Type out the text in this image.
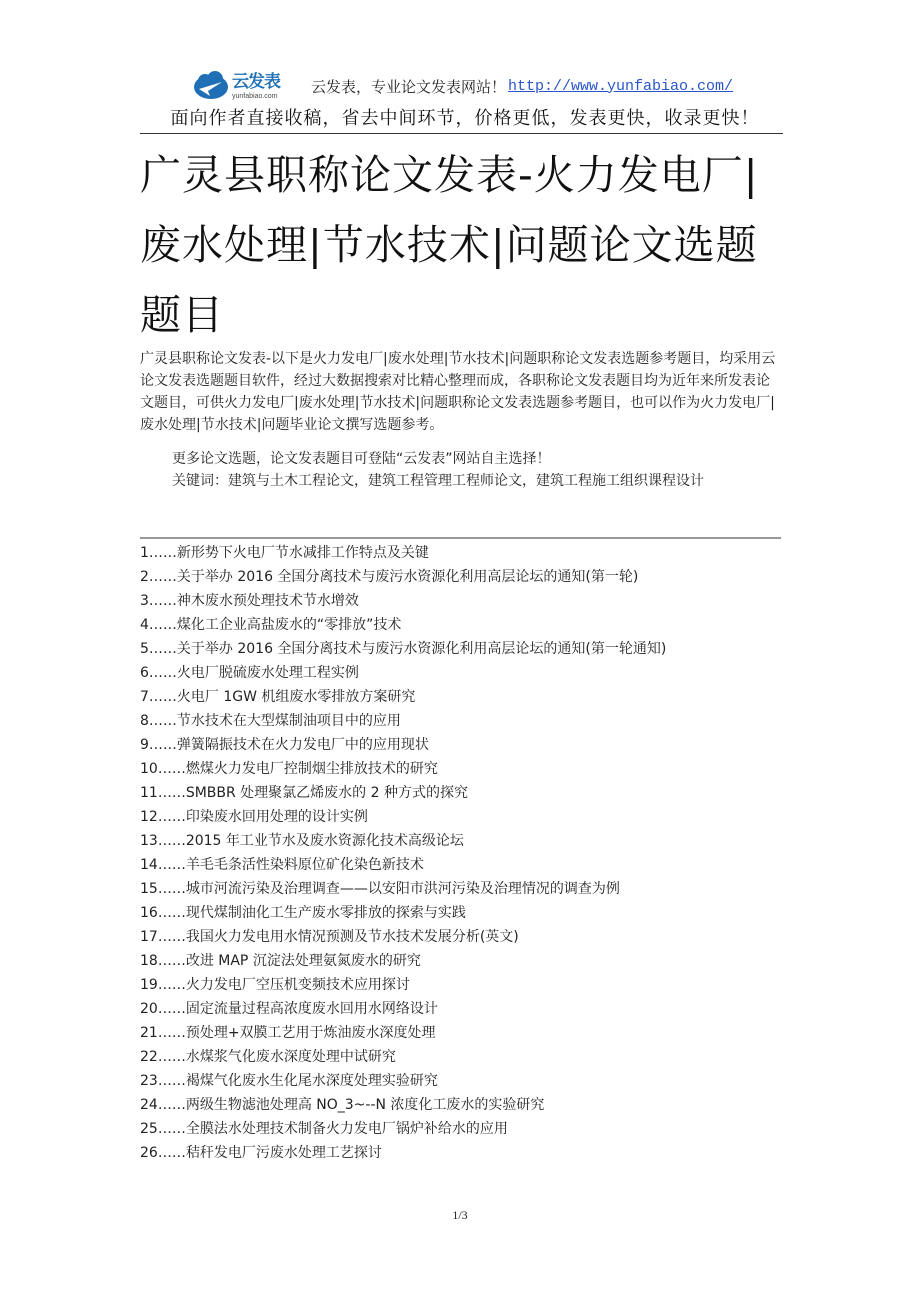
云发表
yunfabiao.com
云发表，专业论文发表网站！ http://www.yunfabiao.com/
面向作者直接收稿，省去中间环节，价格更低，发表更快，收录更快！
广灵县职称论文发表-火力发电厂|废水处理|节水技术|问题论文选题题目

广灵县职称论文发表-以下是火力发电厂|废水处理|节水技术|问题职称论文发表选题参考题目，均采用云论文发表选题题目软件，经过大数据搜索对比精心整理而成，各职称论文发表题目均为近年来所发表论文题目，可供火力发电厂|废水处理|节水技术|问题职称论文发表选题参考题目，也可以作为火力发电厂|废水处理|节水技术|问题毕业论文撰写选题参考。

更多论文选题，论文发表题目可登陆“云发表”网站自主选择！
关键词：建筑与土木工程论文，建筑工程管理工程师论文，建筑工程施工组织课程设计
1……新形势下火电厂节水减排工作特点及关键
2……关于举办 2016 全国分离技术与废污水资源化利用高层论坛的通知(第一轮)
3……神木废水预处理技术节水增效
4……煤化工企业高盐废水的“零排放”技术
5……关于举办 2016 全国分离技术与废污水资源化利用高层论坛的通知(第一轮通知)
6……火电厂脱硫废水处理工程实例
7……火电厂 1GW 机组废水零排放方案研究
8……节水技术在大型煤制油项目中的应用
9……弹簧隔振技术在火力发电厂中的应用现状
10……燃煤火力发电厂控制烟尘排放技术的研究
11……SMBBR 处理聚氯乙烯废水的 2 种方式的探究
12……印染废水回用处理的设计实例
13……2015 年工业节水及废水资源化技术高级论坛
14……羊毛毛条活性染料原位矿化染色新技术
15……城市河流污染及治理调查——以安阳市洪河污染及治理情况的调查为例
16……现代煤制油化工生产废水零排放的探索与实践
17……我国火力发电用水情况预测及节水技术发展分析(英文)
18……改进 MAP 沉淀法处理氨氮废水的研究
19……火力发电厂空压机变频技术应用探讨
20……固定流量过程高浓度废水回用水网络设计
21……预处理+双膜工艺用于炼油废水深度处理
22……水煤浆气化废水深度处理中试研究
23……褐煤气化废水生化尾水深度处理实验研究
24……两级生物滤池处理高 NO_3~--N 浓度化工废水的实验研究
25……全膜法水处理技术制备火力发电厂锅炉补给水的应用
26……秸秆发电厂污废水处理工艺探讨
1/3
